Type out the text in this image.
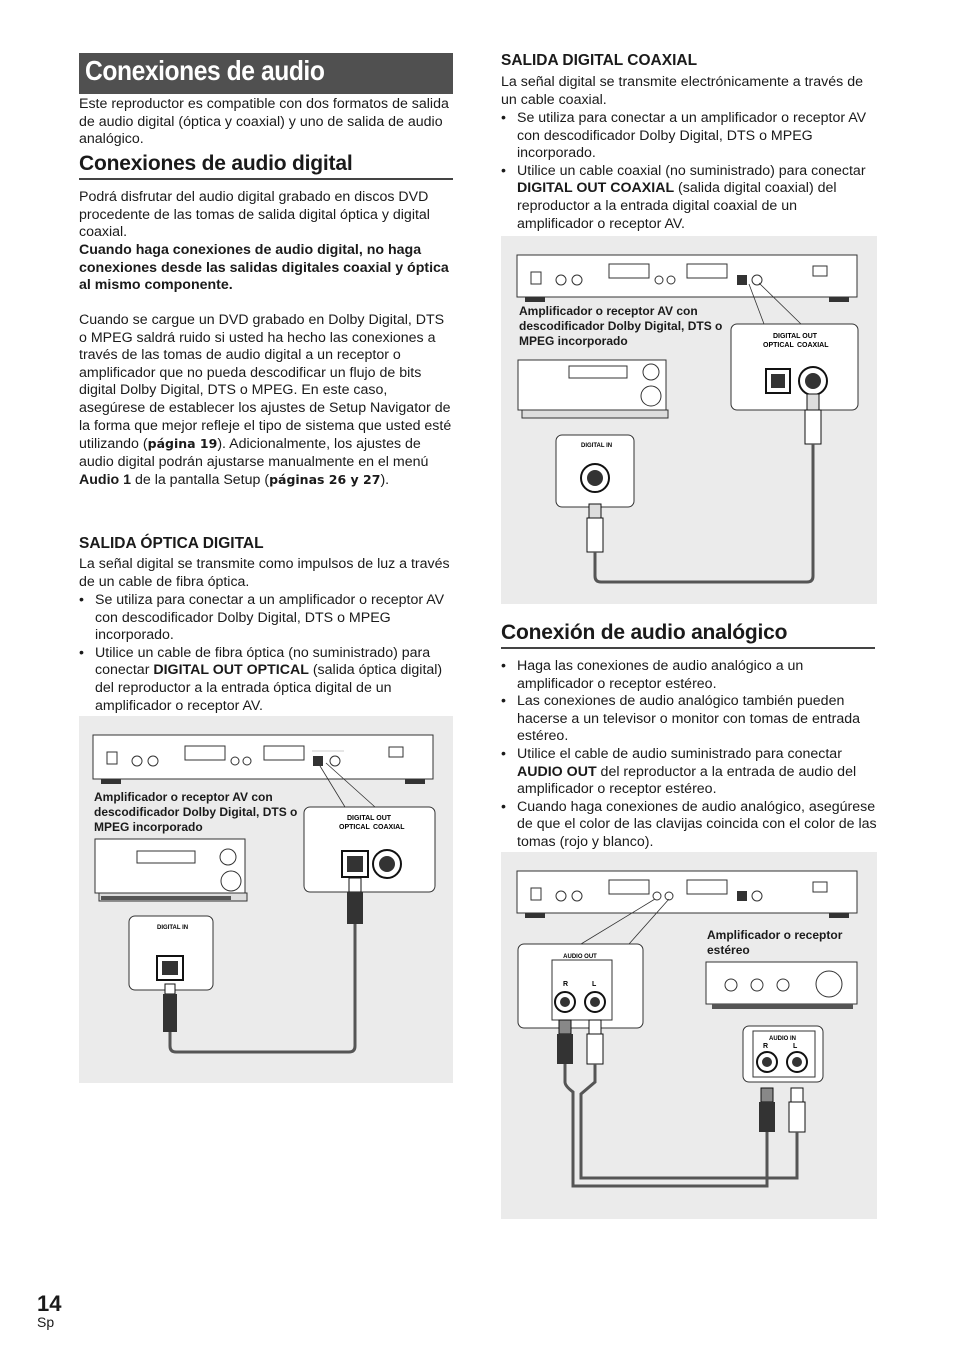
Conexiones de audio
Este reproductor es compatible con dos formatos de salida de audio digital (óptica y coaxial) y uno de salida de audio analógico.
Conexiones de audio digital
Podrá disfrutar del audio digital grabado en discos DVD procedente de las tomas de salida digital óptica y digital coaxial.
Cuando haga conexiones de audio digital, no haga conexiones desde las salidas digitales coaxial y óptica al mismo componente.
Cuando se cargue un DVD grabado en Dolby Digital, DTS o MPEG saldrá ruido si usted ha hecho las conexiones a través de las tomas de audio digital a un receptor o amplificador que no pueda descodificar un flujo de bits digital Dolby Digital, DTS o MPEG. En este caso, asegúrese de establecer los ajustes de Setup Navigator de la forma que mejor refleje el tipo de sistema que usted esté utilizando (página 19). Adicionalmente, los ajustes de audio digital podrán ajustarse manualmente en el menú Audio 1 de la pantalla Setup (páginas 26 y 27).
SALIDA ÓPTICA DIGITAL
La señal digital se transmite como impulsos de luz a través de un cable de fibra óptica.
• Se utiliza para conectar a un amplificador o receptor AV con descodificador Dolby Digital, DTS o MPEG incorporado.
• Utilice un cable de fibra óptica (no suministrado) para conectar DIGITAL OUT OPTICAL (salida óptica digital) del reproductor a la entrada óptica digital de un amplificador o receptor AV.
DIGITAL OUT
OPTICAL COAXIAL
DIGITAL IN
Amplificador o receptor AV con descodificador Dolby Digital, DTS o MPEG incorporado
SALIDA DIGITAL COAXIAL
La señal digital se transmite electrónicamente a través de un cable coaxial.
• Se utiliza para conectar a un amplificador o receptor AV con descodificador Dolby Digital, DTS o MPEG incorporado.
• Utilice un cable coaxial (no suministrado) para conectar DIGITAL OUT COAXIAL (salida digital coaxial) del reproductor a la entrada digital coaxial de un amplificador o receptor AV.
DIGITAL OUT
OPTICAL COAXIAL
DIGITAL IN
Amplificador o receptor AV con descodificador Dolby Digital, DTS o MPEG incorporado
Conexión de audio analógico
• Haga las conexiones de audio analógico a un amplificador o receptor estéreo.
• Las conexiones de audio analógico también pueden hacerse a un televisor o monitor con tomas de entrada estéreo.
• Utilice el cable de audio suministrado para conectar AUDIO OUT del reproductor a la entrada de audio del amplificador o receptor estéreo.
• Cuando haga conexiones de audio analógico, asegúrese de que el color de las clavijas coincida con el color de las tomas (rojo y blanco).
AUDIO OUT
R	L
AUDIO IN
R	L
Amplificador o receptor estéreo
14
Sp
